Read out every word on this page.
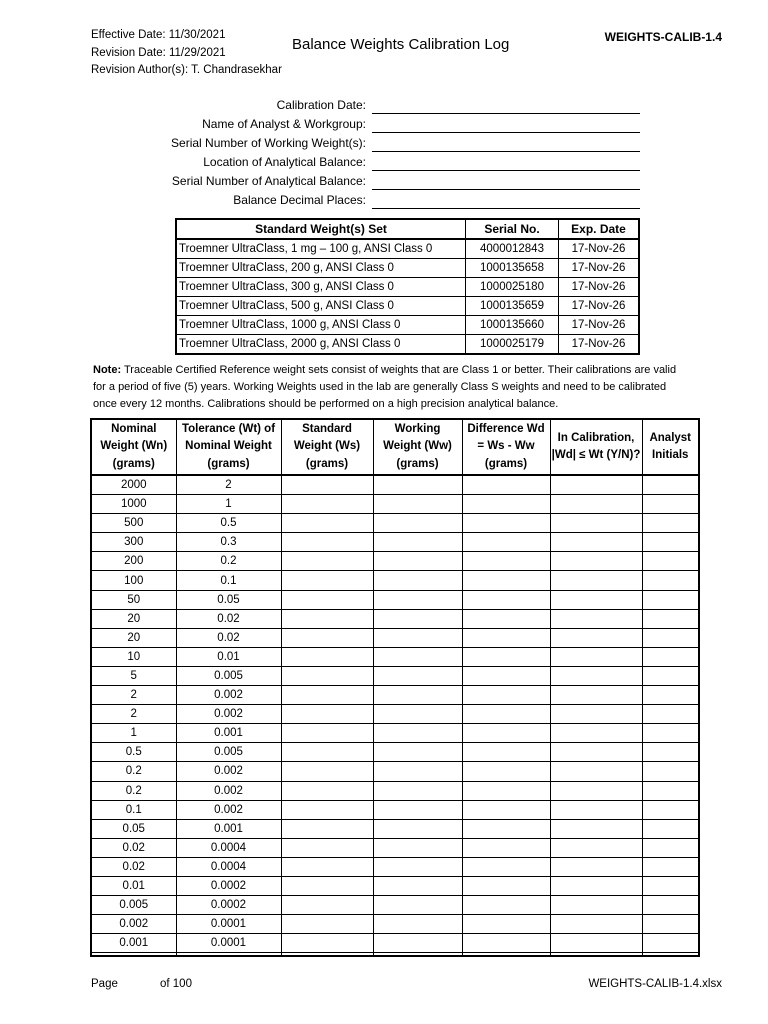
Effective Date: 11/30/2021
Revision Date: 11/29/2021
Revision Author(s): T. Chandrasekhar
Balance Weights Calibration Log	WEIGHTS-CALIB-1.4
Calibration Date:
Name of Analyst & Workgroup:
Serial Number of Working Weight(s):
Location of Analytical Balance:
Serial Number of Analytical Balance:
Balance Decimal Places:
Standard Weight(s) Set	Serial No.	Exp. Date
Troemner UltraClass, 1 mg – 100 g, ANSI Class 0	4000012843	17-Nov-26
Troemner UltraClass, 200 g, ANSI Class 0	1000135658	17-Nov-26
Troemner UltraClass, 300 g, ANSI Class 0	1000025180	17-Nov-26
Troemner UltraClass, 500 g, ANSI Class 0	1000135659	17-Nov-26
Troemner UltraClass, 1000 g, ANSI Class 0	1000135660	17-Nov-26
Troemner UltraClass, 2000 g, ANSI Class 0	1000025179	17-Nov-26
Note: Traceable Certified Reference weight sets consist of weights that are Class 1 or better. Their calibrations are valid for a period of five (5) years. Working Weights used in the lab are generally Class S weights and need to be calibrated once every 12 months. Calibrations should be performed on a high precision analytical balance.
Nominal Weight (Wn) (grams)	Tolerance (Wt) of Nominal Weight (grams)	Standard Weight (Ws) (grams)	Working Weight (Ww) (grams)	Difference Wd = Ws - Ww (grams)	In Calibration, |Wd| ≤ Wt (Y/N)?	Analyst Initials
2000	2					
1000	1					
500	0.5					
300	0.3					
200	0.2					
100	0.1					
50	0.05					
20	0.02					
20	0.02					
10	0.01					
5	0.005					
2	0.002					
2	0.002					
1	0.001					
0.5	0.005					
0.2	0.002					
0.2	0.002					
0.1	0.002					
0.05	0.001					
0.02	0.0004					
0.02	0.0004					
0.01	0.0002					
0.005	0.0002					
0.002	0.0001					
0.001	0.0001					

Page	of 100	WEIGHTS-CALIB-1.4.xlsx
